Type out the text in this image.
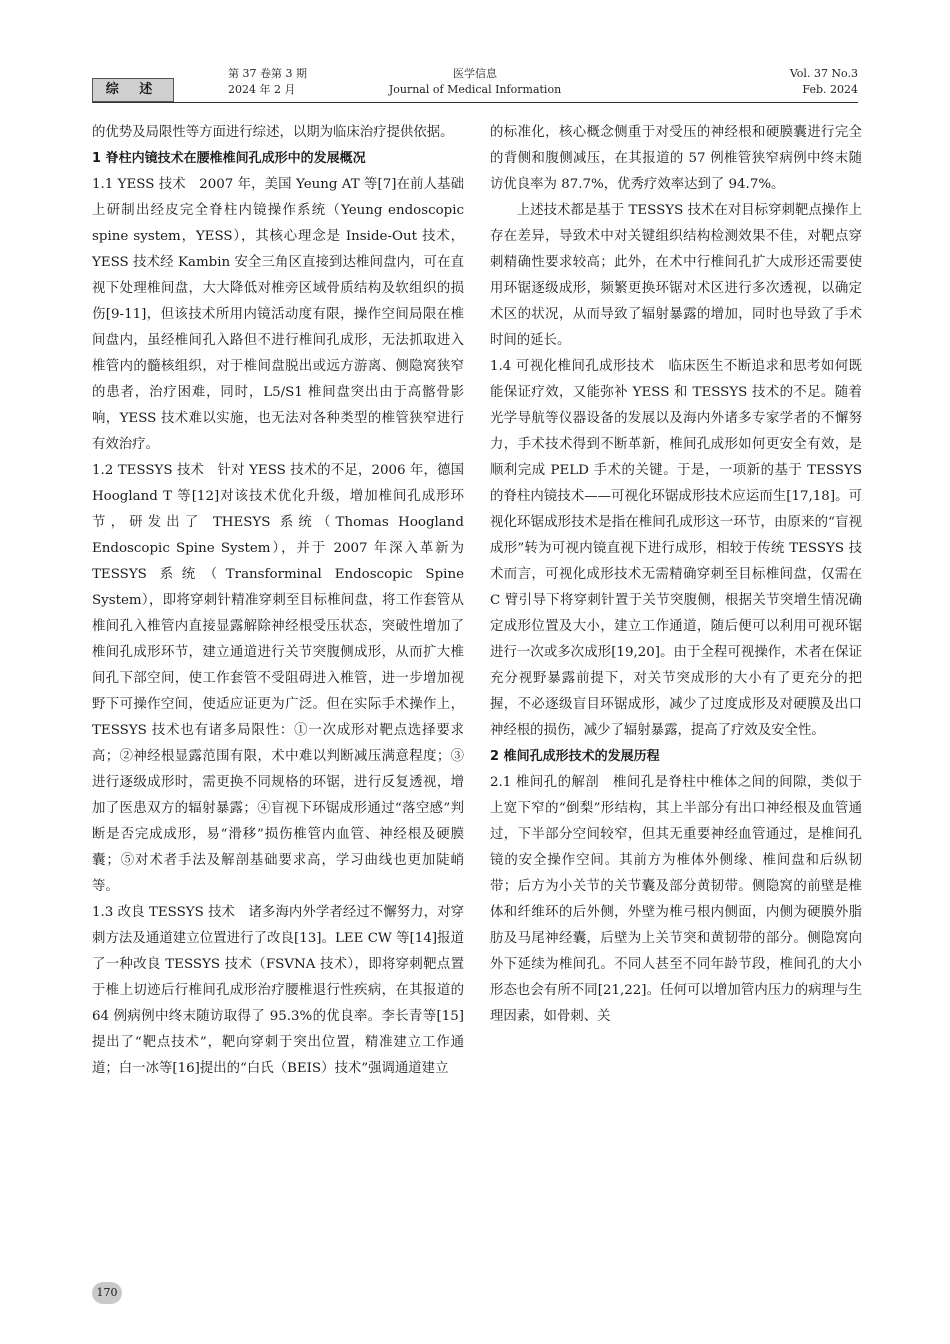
综 述
第 37 卷第 3 期
2024 年 2 月
医学信息
Journal of Medical Information
Vol. 37 No.3
Feb. 2024

的优势及局限性等方面进行综述，以期为临床治疗提供依据。

1 脊柱内镜技术在腰椎椎间孔成形中的发展概况

1.1 YESS 技术　2007 年，美国 Yeung AT 等[7]在前人基础上研制出经皮完全脊柱内镜操作系统（Yeung endoscopic spine system，YESS），其核心理念是 Inside-Out 技术，YESS 技术经 Kambin 安全三角区直接到达椎间盘内，可在直视下处理椎间盘，大大降低对椎旁区域骨质结构及软组织的损伤[9-11]，但该技术所用内镜活动度有限，操作空间局限在椎间盘内，虽经椎间孔入路但不进行椎间孔成形，无法抓取进入椎管内的髓核组织，对于椎间盘脱出或远方游离、侧隐窝狭窄的患者，治疗困难，同时，L5/S1 椎间盘突出由于高髂骨影响，YESS 技术难以实施，也无法对各种类型的椎管狭窄进行有效治疗。

1.2 TESSYS 技术　针对 YESS 技术的不足，2006 年，德国 Hoogland T 等[12]对该技术优化升级，增加椎间孔成形环节，研发出了 THESYS 系统（Thomas Hoogland Endoscopic Spine System），并于 2007 年深入革新为 TESSYS 系统（Transforminal Endoscopic Spine System），即将穿刺针精准穿刺至目标椎间盘，将工作套管从椎间孔入椎管内直接显露解除神经根受压状态，突破性增加了椎间孔成形环节，建立通道进行关节突腹侧成形，从而扩大椎间孔下部空间，使工作套管不受阻碍进入椎管，进一步增加视野下可操作空间，使适应证更为广泛。但在实际手术操作上，TESSYS 技术也有诸多局限性：①一次成形对靶点选择要求高；②神经根显露范围有限，术中难以判断减压满意程度；③进行逐级成形时，需更换不同规格的环锯，进行反复透视，增加了医患双方的辐射暴露；④盲视下环锯成形通过“落空感”判断是否完成成形，易“滑移”损伤椎管内血管、神经根及硬膜囊；⑤对术者手法及解剖基础要求高，学习曲线也更加陡峭等。

1.3 改良 TESSYS 技术　诸多海内外学者经过不懈努力，对穿刺方法及通道建立位置进行了改良[13]。LEE CW 等[14]报道了一种改良 TESSYS 技术（FSVNA 技术），即将穿刺靶点置于椎上切迹后行椎间孔成形治疗腰椎退行性疾病，在其报道的 64 例病例中终末随访取得了 95.3%的优良率。李长青等[15]提出了“靶点技术”，靶向穿刺于突出位置，精准建立工作通道；白一冰等[16]提出的“白氏（BEIS）技术”强调通道建立

的标准化，核心概念侧重于对受压的神经根和硬膜囊进行完全的背侧和腹侧减压，在其报道的 57 例椎管狭窄病例中终末随访优良率为 87.7%，优秀疗效率达到了 94.7%。

上述技术都是基于 TESSYS 技术在对目标穿刺靶点操作上存在差异，导致术中对关键组织结构检测效果不佳，对靶点穿刺精确性要求较高；此外，在术中行椎间孔扩大成形还需要使用环锯逐级成形，频繁更换环锯对术区进行多次透视，以确定术区的状况，从而导致了辐射暴露的增加，同时也导致了手术时间的延长。

1.4 可视化椎间孔成形技术　临床医生不断追求和思考如何既能保证疗效，又能弥补 YESS 和 TESSYS 技术的不足。随着光学导航等仪器设备的发展以及海内外诸多专家学者的不懈努力，手术技术得到不断革新，椎间孔成形如何更安全有效，是顺利完成 PELD 手术的关键。于是，一项新的基于 TESSYS 的脊柱内镜技术——可视化环锯成形技术应运而生[17,18]。可视化环锯成形技术是指在椎间孔成形这一环节，由原来的“盲视成形”转为可视内镜直视下进行成形，相较于传统 TESSYS 技术而言，可视化成形技术无需精确穿刺至目标椎间盘，仅需在 C 臂引导下将穿刺针置于关节突腹侧，根据关节突增生情况确定成形位置及大小，建立工作通道，随后便可以利用可视环锯进行一次或多次成形[19,20]。由于全程可视操作，术者在保证充分视野暴露前提下，对关节突成形的大小有了更充分的把握，不必逐级盲目环锯成形，减少了过度成形及对硬膜及出口神经根的损伤，减少了辐射暴露，提高了疗效及安全性。

2 椎间孔成形技术的发展历程

2.1 椎间孔的解剖　椎间孔是脊柱中椎体之间的间隙，类似于上宽下窄的“倒梨”形结构，其上半部分有出口神经根及血管通过，下半部分空间较窄，但其无重要神经血管通过，是椎间孔镜的安全操作空间。其前方为椎体外侧缘、椎间盘和后纵韧带；后方为小关节的关节囊及部分黄韧带。侧隐窝的前壁是椎体和纤维环的后外侧，外壁为椎弓根内侧面，内侧为硬膜外脂肪及马尾神经囊，后壁为上关节突和黄韧带的部分。侧隐窝向外下延续为椎间孔。不同人甚至不同年龄节段，椎间孔的大小形态也会有所不同[21,22]。任何可以增加管内压力的病理与生理因素，如骨刺、关

170
